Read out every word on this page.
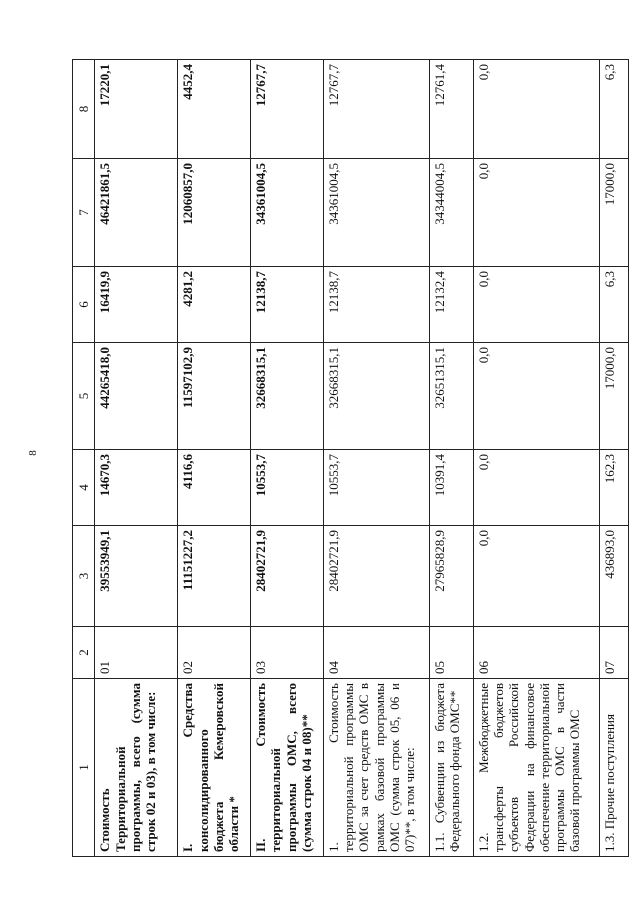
8
1	2	3	4	5	6	7	8
Стоимость Территориальной программы, всего (сумма строк 02 и 03), в том числе:	01	39553949,1	14670,3	44265418,0	16419,9	46421861,5	17220,1
I. Средства консолидированного бюджета Кемеровской области *	02	11151227,2	4116,6	11597102,9	4281,2	12060857,0	4452,4
II. Стоимость территориальной программы ОМС, всего (сумма строк 04 и 08)**	03	28402721,9	10553,7	32668315,1	12138,7	34361004,5	12767,7
1. Стоимость территориальной программы ОМС за счет средств ОМС в рамках базовой программы ОМС (сумма строк 05, 06 и 07)**, в том числе:	04	28402721,9	10553,7	32668315,1	12138,7	34361004,5	12767,7
1.1. Субвенции из бюджета Федерального фонда ОМС**	05	27965828,9	10391,4	32651315,1	12132,4	34344004,5	12761,4
1.2. Межбюджетные трансферты бюджетов субъектов Российской Федерации на финансовое обеспечение территориальной программы ОМС в части базовой программы ОМС	06	0,0	0,0	0,0	0,0	0,0	0,0
1.3. Прочие поступления	07	436893,0	162,3	17000,0	6,3	17000,0	6,3
